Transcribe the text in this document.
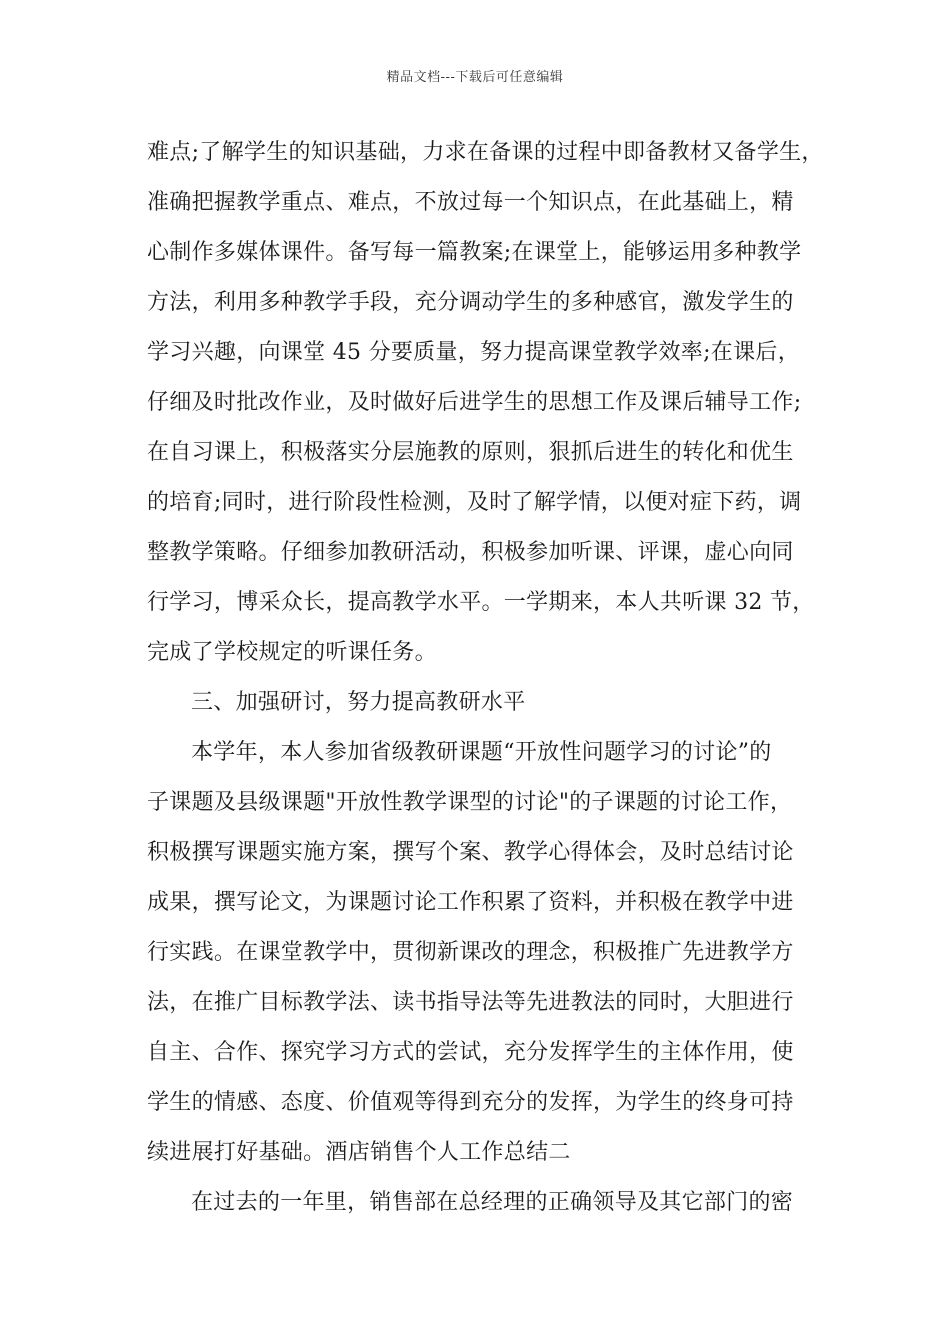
精品文档---下载后可任意编辑
难点;了解学生的知识基础，力求在备课的过程中即备教材又备学生，
准确把握教学重点、难点，不放过每一个知识点，在此基础上，精
心制作多媒体课件。备写每一篇教案;在课堂上，能够运用多种教学
方法，利用多种教学手段，充分调动学生的多种感官，激发学生的
学习兴趣，向课堂 45 分要质量，努力提高课堂教学效率;在课后，
仔细及时批改作业，及时做好后进学生的思想工作及课后辅导工作;
在自习课上，积极落实分层施教的原则，狠抓后进生的转化和优生
的培育;同时，进行阶段性检测，及时了解学情，以便对症下药，调
整教学策略。仔细参加教研活动，积极参加听课、评课，虚心向同
行学习，博采众长，提高教学水平。一学期来，本人共听课 32 节，
完成了学校规定的听课任务。
三、加强研讨，努力提高教研水平
本学年，本人参加省级教研课题“开放性问题学习的讨论”的
子课题及县级课题"开放性教学课型的讨论"的子课题的讨论工作，
积极撰写课题实施方案，撰写个案、教学心得体会，及时总结讨论
成果，撰写论文，为课题讨论工作积累了资料，并积极在教学中进
行实践。在课堂教学中，贯彻新课改的理念，积极推广先进教学方
法，在推广目标教学法、读书指导法等先进教法的同时，大胆进行
自主、合作、探究学习方式的尝试，充分发挥学生的主体作用，使
学生的情感、态度、价值观等得到充分的发挥，为学生的终身可持
续进展打好基础。酒店销售个人工作总结二
在过去的一年里，销售部在总经理的正确领导及其它部门的密
